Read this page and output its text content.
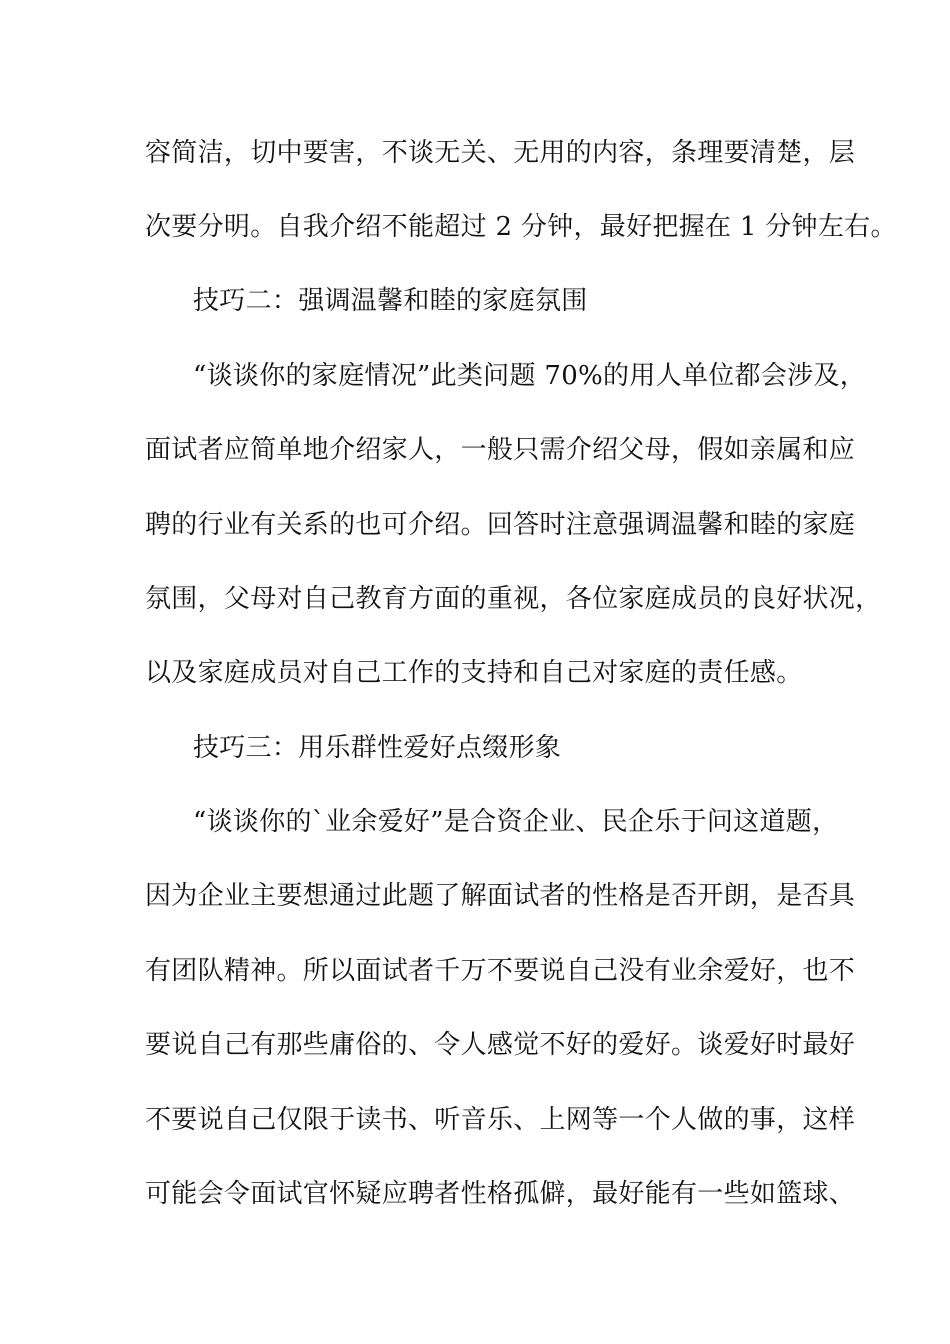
容简洁，切中要害，不谈无关、无用的内容，条理要清楚，层
次要分明。自我介绍不能超过 2 分钟，最好把握在 1 分钟左右。
技巧二：强调温馨和睦的家庭氛围
“谈谈你的家庭情况”此类问题 70%的用人单位都会涉及，
面试者应简单地介绍家人，一般只需介绍父母，假如亲属和应
聘的行业有关系的也可介绍。回答时注意强调温馨和睦的家庭
氛围，父母对自己教育方面的重视，各位家庭成员的良好状况，
以及家庭成员对自己工作的支持和自己对家庭的责任感。
技巧三：用乐群性爱好点缀形象
“谈谈你的`业余爱好”是合资企业、民企乐于问这道题，
因为企业主要想通过此题了解面试者的性格是否开朗，是否具
有团队精神。所以面试者千万不要说自己没有业余爱好，也不
要说自己有那些庸俗的、令人感觉不好的爱好。谈爱好时最好
不要说自己仅限于读书、听音乐、上网等一个人做的事，这样
可能会令面试官怀疑应聘者性格孤僻，最好能有一些如篮球、
